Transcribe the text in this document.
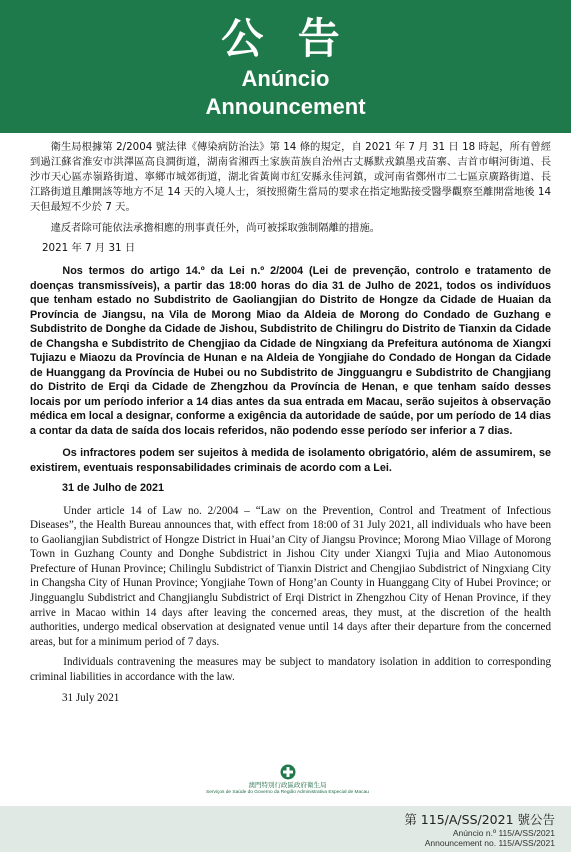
公 告
Anúncio
Announcement

衛生局根據第 2/2004 號法律《傳染病防治法》第 14 條的規定，自 2021 年 7 月 31 日 18 時起，所有曾經到過江蘇省淮安市洪澤區高良澗街道，湖南省湘西土家族苗族自治州古丈縣默戎鎮墨戎苗寨、吉首市峒河街道、長沙市天心區赤嶺路街道、寧鄉市城郊街道，湖北省黃崗市紅安縣永佳河鎮，或河南省鄭州市二七區京廣路街道、長江路街道且離開該等地方不足 14 天的入境人士，須按照衛生當局的要求在指定地點接受醫學觀察至離開當地後 14 天但最短不少於 7 天。

違反者除可能依法承擔相應的刑事責任外，尚可被採取強制隔離的措施。

2021 年 7 月 31 日

Nos termos do artigo 14.º da Lei n.º 2/2004 (Lei de prevenção, controlo e tratamento de doenças transmissíveis), a partir das 18:00 horas do dia 31 de Julho de 2021, todos os indivíduos que tenham estado no Subdistrito de Gaoliangjian do Distrito de Hongze da Cidade de Huaian da Província de Jiangsu, na Vila de Morong Miao da Aldeia de Morong do Condado de Guzhang e Subdistrito de Donghe da Cidade de Jishou, Subdistrito de Chilingru do Distrito de Tianxin da Cidade de Changsha e Subdistrito de Chengjiao da Cidade de Ningxiang da Prefeitura autónoma de Xiangxi Tujiazu e Miaozu da Província de Hunan e na Aldeia de Yongjiahe do Condado de Hongan da Cidade de Huanggang da Província de Hubei ou no Subdistrito de Jingguangru e Subdistrito de Changjiang do Distrito de Erqi da Cidade de Zhengzhou da Província de Henan, e que tenham saído desses locais por um período inferior a 14 dias antes da sua entrada em Macau, serão sujeitos à observação médica em local a designar, conforme a exigência da autoridade de saúde, por um período de 14 dias a contar da data de saída dos locais referidos, não podendo esse período ser inferior a 7 dias.

Os infractores podem ser sujeitos à medida de isolamento obrigatório, além de assumirem, se existirem, eventuais responsabilidades criminais de acordo com a Lei.

31 de Julho de 2021

Under article 14 of Law no. 2/2004 – “Law on the Prevention, Control and Treatment of Infectious Diseases”, the Health Bureau announces that, with effect from 18:00 of 31 July 2021, all individuals who have been to Gaoliangjian Subdistrict of Hongze District in Huai’an City of Jiangsu Province; Morong Miao Village of Morong Town in Guzhang County and Donghe Subdistrict in Jishou City under Xiangxi Tujia and Miao Autonomous Prefecture of Hunan Province; Chilinglu Subdistrict of Tianxin District and Chengjiao Subdistrict of Ningxiang City in Changsha City of Hunan Province; Yongjiahe Town of Hong’an County in Huanggang City of Hubei Province; or Jingguanglu Subdistrict and Changjianglu Subdistrict of Erqi District in Zhengzhou City of Henan Province, if they arrive in Macao within 14 days after leaving the concerned areas, they must, at the discretion of the health authorities, undergo medical observation at designated venue until 14 days after their departure from the concerned areas, but for a minimum period of 7 days.

Individuals contravening the measures may be subject to mandatory isolation in addition to corresponding criminal liabilities in accordance with the law.

31 July 2021

澳門特別行政區政府衛生局
Serviços de Saúde do Governo da Região Administrativa Especial de Macau
第 115/A/SS/2021 號公告
Anúncio n.º 115/A/SS/2021
Announcement no. 115/A/SS/2021
